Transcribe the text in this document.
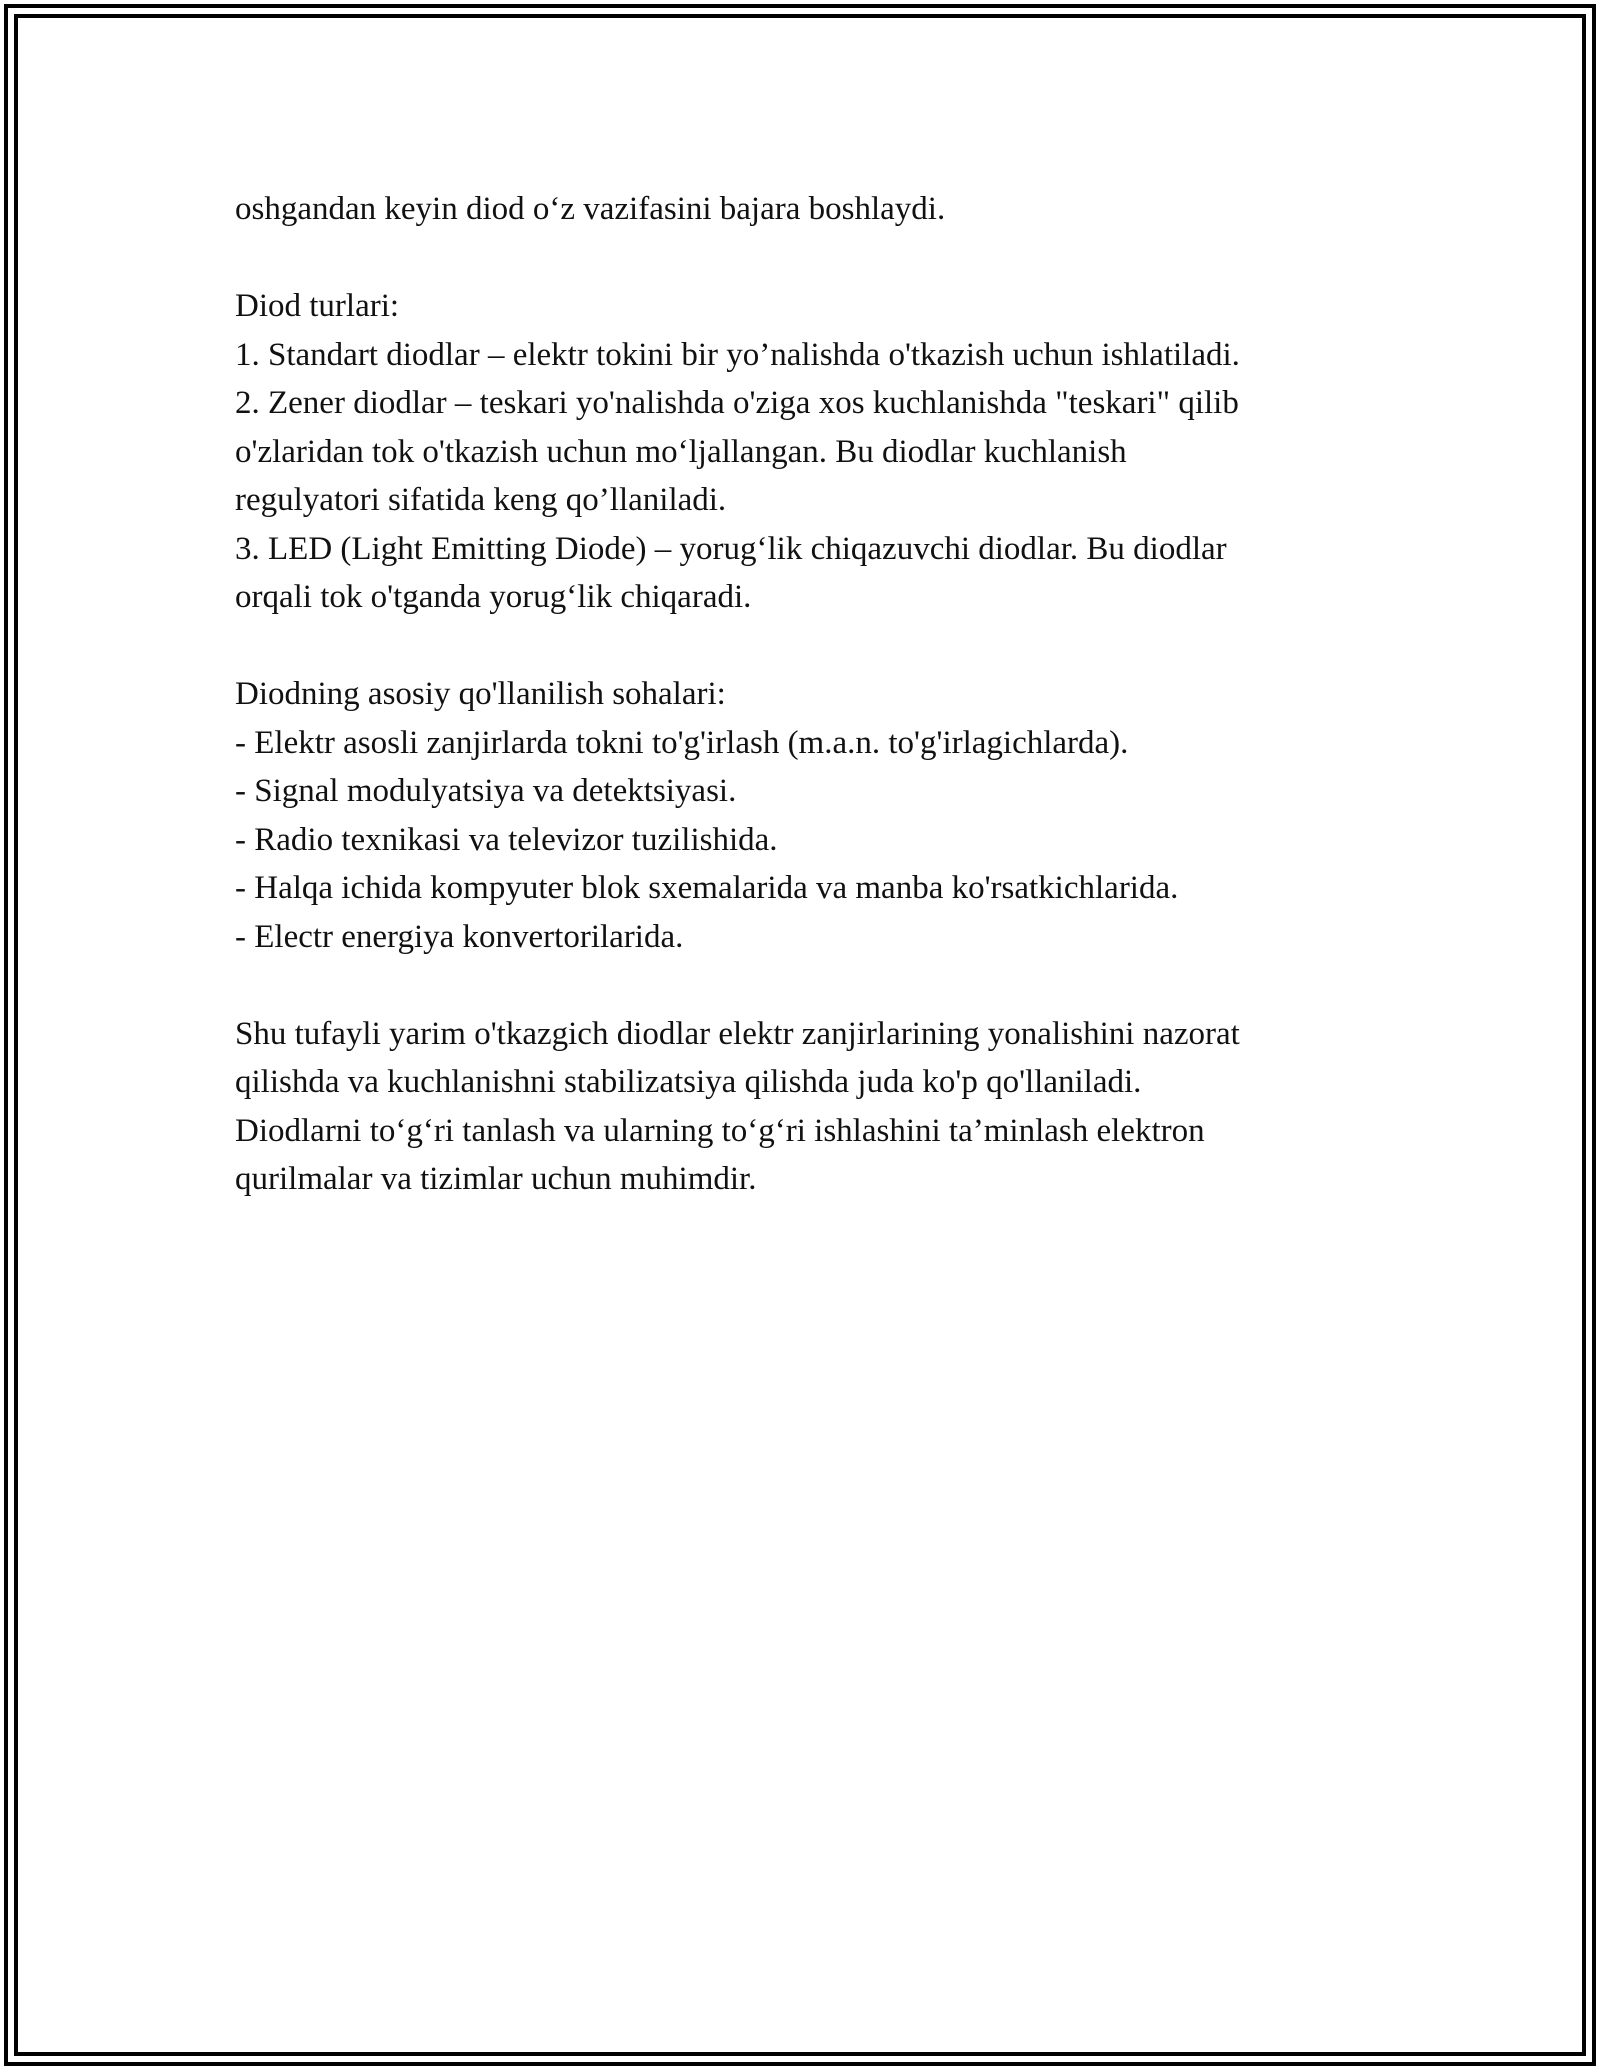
oshgandan keyin diod o‘z vazifasini bajara boshlaydi.
Diod turlari:
1. Standart diodlar – elektr tokini bir yo’nalishda o'tkazish uchun ishlatiladi.
2. Zener diodlar – teskari yo'nalishda o'ziga xos kuchlanishda "teskari" qilib
o'zlaridan tok o'tkazish uchun mo‘ljallangan. Bu diodlar kuchlanish
regulyatori sifatida keng qo’llaniladi.
3. LED (Light Emitting Diode) – yorug‘lik chiqazuvchi diodlar. Bu diodlar
orqali tok o'tganda yorug‘lik chiqaradi.
Diodning asosiy qo'llanilish sohalari:
- Elektr asosli zanjirlarda tokni to'g'irlash (m.a.n. to'g'irlagichlarda).
- Signal modulyatsiya va detektsiyasi.
- Radio texnikasi va televizor tuzilishida.
- Halqa ichida kompyuter blok sxemalarida va manba ko'rsatkichlarida.
- Electr energiya konvertorilarida.
Shu tufayli yarim o'tkazgich diodlar elektr zanjirlarining yonalishini nazorat
qilishda va kuchlanishni stabilizatsiya qilishda juda ko'p qo'llaniladi.
Diodlarni to‘g‘ri tanlash va ularning to‘g‘ri ishlashini ta’minlash elektron
qurilmalar va tizimlar uchun muhimdir.
